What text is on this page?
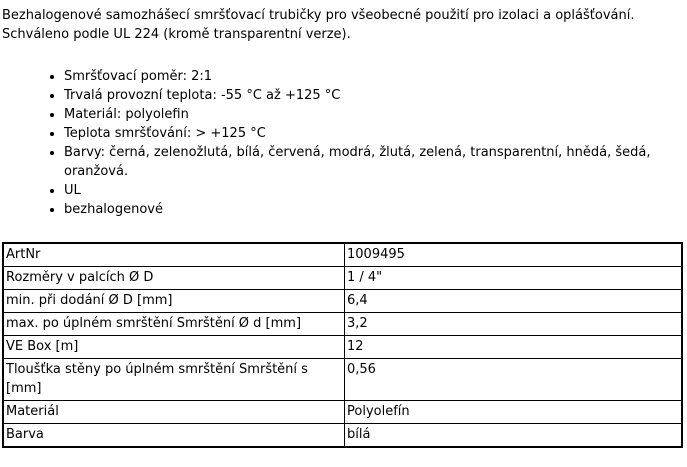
Bezhalogenové samozhášecí smršťovací trubičky pro všeobecné použití pro izolaci a oplášťování. Schváleno podle UL 224 (kromě transparentní verze).

• Smršťovací poměr: 2:1
• Trvalá provozní teplota: -55 °C až +125 °C
• Materiál: polyolefin
• Teplota smršťování: > +125 °C
• Barvy: černá, zelenožlutá, bílá, červená, modrá, žlutá, zelená, transparentní, hnědá, šedá, oranžová.
• UL
• bezhalogenové
ArtNr	1009495
Rozměry v palcích Ø D	1 / 4"
min. při dodání Ø D [mm]	6,4
max. po úplném smrštění Smrštění Ø d [mm]	3,2
VE Box [m]	12
Tloušťka stěny po úplném smrštění Smrštění s [mm]	0,56
Materiál	Polyolefín
Barva	bílá
